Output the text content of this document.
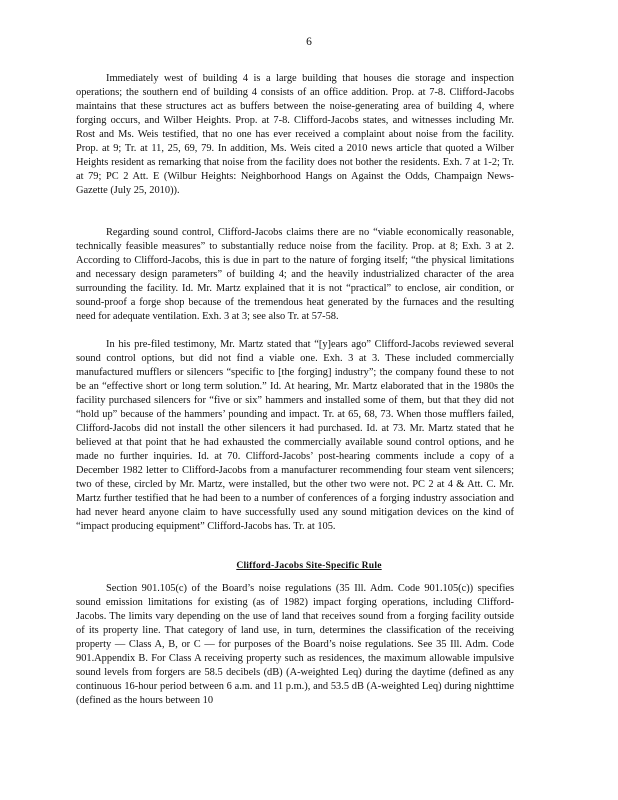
6

Immediately west of building 4 is a large building that houses die storage and inspection operations; the southern end of building 4 consists of an office addition. Prop. at 7-8. Clifford-Jacobs maintains that these structures act as buffers between the noise-generating area of building 4, where forging occurs, and Wilber Heights. Prop. at 7-8. Clifford-Jacobs states, and witnesses including Mr. Rost and Ms. Weis testified, that no one has ever received a complaint about noise from the facility. Prop. at 9; Tr. at 11, 25, 69, 79. In addition, Ms. Weis cited a 2010 news article that quoted a Wilber Heights resident as remarking that noise from the facility does not bother the residents. Exh. 7 at 1-2; Tr. at 79; PC 2 Att. E (Wilbur Heights: Neighborhood Hangs on Against the Odds, Champaign News-Gazette (July 25, 2010)).

Regarding sound control, Clifford-Jacobs claims there are no “viable economically reasonable, technically feasible measures” to substantially reduce noise from the facility. Prop. at 8; Exh. 3 at 2. According to Clifford-Jacobs, this is due in part to the nature of forging itself; “the physical limitations and necessary design parameters” of building 4; and the heavily industrialized character of the area surrounding the facility. Id. Mr. Martz explained that it is not “practical” to enclose, air condition, or sound-proof a forge shop because of the tremendous heat generated by the furnaces and the resulting need for adequate ventilation. Exh. 3 at 3; see also Tr. at 57-58.

In his pre-filed testimony, Mr. Martz stated that “[y]ears ago” Clifford-Jacobs reviewed several sound control options, but did not find a viable one. Exh. 3 at 3. These included commercially manufactured mufflers or silencers “specific to [the forging] industry”; the company found these to not be an “effective short or long term solution.” Id. At hearing, Mr. Martz elaborated that in the 1980s the facility purchased silencers for “five or six” hammers and installed some of them, but that they did not “hold up” because of the hammers’ pounding and impact. Tr. at 65, 68, 73. When those mufflers failed, Clifford-Jacobs did not install the other silencers it had purchased. Id. at 73. Mr. Martz stated that he believed at that point that he had exhausted the commercially available sound control options, and he made no further inquiries. Id. at 70. Clifford-Jacobs’ post-hearing comments include a copy of a December 1982 letter to Clifford-Jacobs from a manufacturer recommending four steam vent silencers; two of these, circled by Mr. Martz, were installed, but the other two were not. PC 2 at 4 & Att. C. Mr. Martz further testified that he had been to a number of conferences of a forging industry association and had never heard anyone claim to have successfully used any sound mitigation devices on the kind of “impact producing equipment” Clifford-Jacobs has. Tr. at 105.

Clifford-Jacobs Site-Specific Rule

Section 901.105(c) of the Board’s noise regulations (35 Ill. Adm. Code 901.105(c)) specifies sound emission limitations for existing (as of 1982) impact forging operations, including Clifford-Jacobs. The limits vary depending on the use of land that receives sound from a forging facility outside of its property line. That category of land use, in turn, determines the classification of the receiving property — Class A, B, or C — for purposes of the Board’s noise regulations. See 35 Ill. Adm. Code 901.Appendix B. For Class A receiving property such as residences, the maximum allowable impulsive sound levels from forgers are 58.5 decibels (dB) (A-weighted Leq) during the daytime (defined as any continuous 16-hour period between 6 a.m. and 11 p.m.), and 53.5 dB (A-weighted Leq) during nighttime (defined as the hours between 10
